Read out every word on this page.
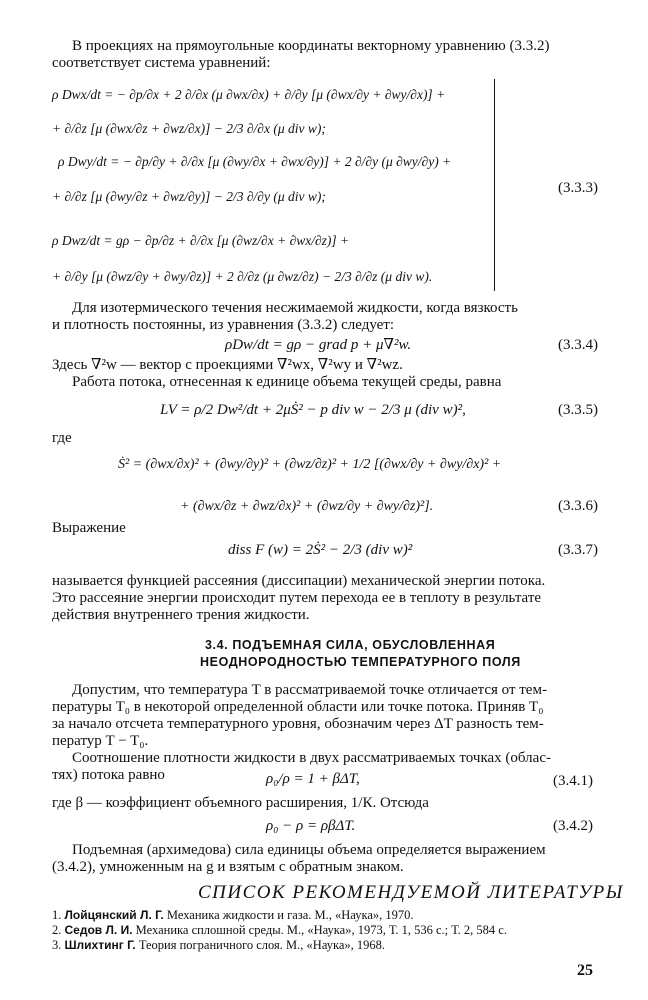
В проекциях на прямоугольные координаты векторному уравнению (3.3.2)

соответствует система уравнений:

ρ Dwx/dt = − ∂p/∂x + 2 ∂/∂x (μ ∂wx/∂x) + ∂/∂y [μ (∂wx/∂y + ∂wy/∂x)] +
+ ∂/∂z [μ (∂wx/∂z + ∂wz/∂x)] − 2/3 ∂/∂x (μ div w);
ρ Dwy/dt = − ∂p/∂y + ∂/∂x [μ (∂wy/∂x + ∂wx/∂y)] + 2 ∂/∂y (μ ∂wy/∂y) +
+ ∂/∂z [μ (∂wy/∂z + ∂wz/∂y)] − 2/3 ∂/∂y (μ div w);
ρ Dwz/dt = gρ − ∂p/∂z + ∂/∂x [μ (∂wz/∂x + ∂wx/∂z)] +
+ ∂/∂y [μ (∂wz/∂y + ∂wy/∂z)] + 2 ∂/∂z (μ ∂wz/∂z) − 2/3 ∂/∂z (μ div w).
(3.3.3)

Для изотермического течения несжимаемой жидкости, когда вязкость

и плотность постоянны, из уравнения (3.3.2) следует:

ρDw/dt = gρ − grad p + μ∇²w.	(3.3.4)

Здесь ∇²w — вектор с проекциями ∇²wx, ∇²wy и ∇²wz.

Работа потока, отнесенная к единице объема текущей среды, равна

LV = ρ/2 Dw²/dt + 2μṠ² − p div w − 2/3 μ (div w)²,	(3.3.5)

где

Ṡ² = (∂wx/∂x)² + (∂wy/∂y)² + (∂wz/∂z)² + 1/2 [(∂wx/∂y + ∂wy/∂x)² +
+ (∂wx/∂z + ∂wz/∂x)² + (∂wz/∂y + ∂wy/∂z)²].	(3.3.6)

Выражение

diss F (w) = 2Ṡ² − 2/3 (div w)²	(3.3.7)

называется функцией рассеяния (диссипации) механической энергии потока.

Это рассеяние энергии происходит путем перехода ее в теплоту в результате

действия внутреннего трения жидкости.

3.4. ПОДЪЕМНАЯ СИЛА, ОБУСЛОВЛЕННАЯ
НЕОДНОРОДНОСТЬЮ ТЕМПЕРАТУРНОГО ПОЛЯ

Допустим, что температура T в рассматриваемой точке отличается от тем-

пературы T₀ в некоторой определенной области или точке потока. Приняв T₀

за начало отсчета температурного уровня, обозначим через ΔT разность тем-

ператур T − T₀.

Соотношение плотности жидкости в двух рассматриваемых точках (облас-

тях) потока равно	ρ₀/ρ = 1 + βΔT,	(3.4.1)

где β — коэффициент объемного расширения, 1/К. Отсюда

ρ₀ − ρ = ρβΔT.	(3.4.2)

Подъемная (архимедова) сила единицы объема определяется выражением

(3.4.2), умноженным на g и взятым с обратным знаком.

СПИСОК РЕКОМЕНДУЕМОЙ ЛИТЕРАТУРЫ
1. Лойцянский Л. Г. Механика жидкости и газа. М., «Наука», 1970.
2. Седов Л. И. Механика сплошной среды. М., «Наука», 1973, Т. 1, 536 с.; Т. 2, 584 с.
3. Шлихтинг Г. Теория пограничного слоя. М., «Наука», 1968.
25
